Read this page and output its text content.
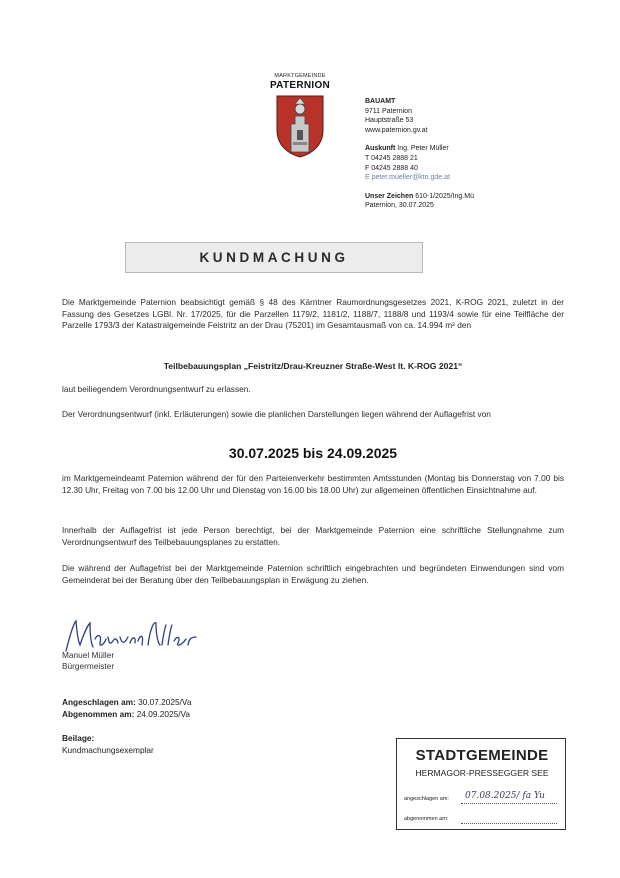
MARKTGEMEINDE
PATERNION
BAUAMT
9711 Paternion
Hauptstraße 53
www.paternion.gv.at
Auskunft Ing. Peter Müller
T 04245 2888 21
F 04245 2888 40
E peter.mueller@ktn.gde.at
Unser Zeichen 610-1/2025/Ing.Mü
Paternion, 30.07.2025
KUNDMACHUNG
Die Marktgemeinde Paternion beabsichtigt gemäß § 48 des Kärntner Raumordnungsgesetzes 2021, K-ROG 2021, zuletzt in der Fassung des Gesetzes LGBl. Nr. 17/2025, für die Parzellen 1179/2, 1181/2, 1188/7, 1188/8 und 1193/4 sowie für eine Teilfläche der Parzelle 1793/3 der Katastralgemeinde Feistritz an der Drau (75201) im Gesamtausmaß von ca. 14.994 m² den
Teilbebauungsplan „Feistritz/Drau-Kreuzner Straße-West lt. K-ROG 2021“
laut beiliegendem Verordnungsentwurf zu erlassen.
Der Verordnungsentwurf (inkl. Erläuterungen) sowie die planlichen Darstellungen liegen während der Auflagefrist von
30.07.2025 bis 24.09.2025
im Marktgemeindeamt Paternion während der für den Parteienverkehr bestimmten Amtsstunden (Montag bis Donnerstag von 7.00 bis 12.30 Uhr, Freitag von 7.00 bis 12.00 Uhr und Dienstag von 16.00 bis 18.00 Uhr) zur allgemeinen öffentlichen Einsichtnahme auf.
Innerhalb der Auflagefrist ist jede Person berechtigt, bei der Marktgemeinde Paternion eine schriftliche Stellungnahme zum Verordnungsentwurf des Teilbebauungsplanes zu erstatten.
Die während der Auflagefrist bei der Marktgemeinde Paternion schriftlich eingebrachten und begründeten Einwendungen sind vom Gemeinderat bei der Beratung über den Teilbebauungsplan in Erwägung zu ziehen.
Manuel Müller
Bürgermeister
Angeschlagen am: 30.07.2025/Va
Abgenommen am: 24.09.2025/Va
Beilage:
Kundmachungsexemplar	STADTGEMEINDE
HERMAGOR-PRESSEGGER SEE
angeschlagen am: 07.08.2025/ fa Yu
abgenommen am:
